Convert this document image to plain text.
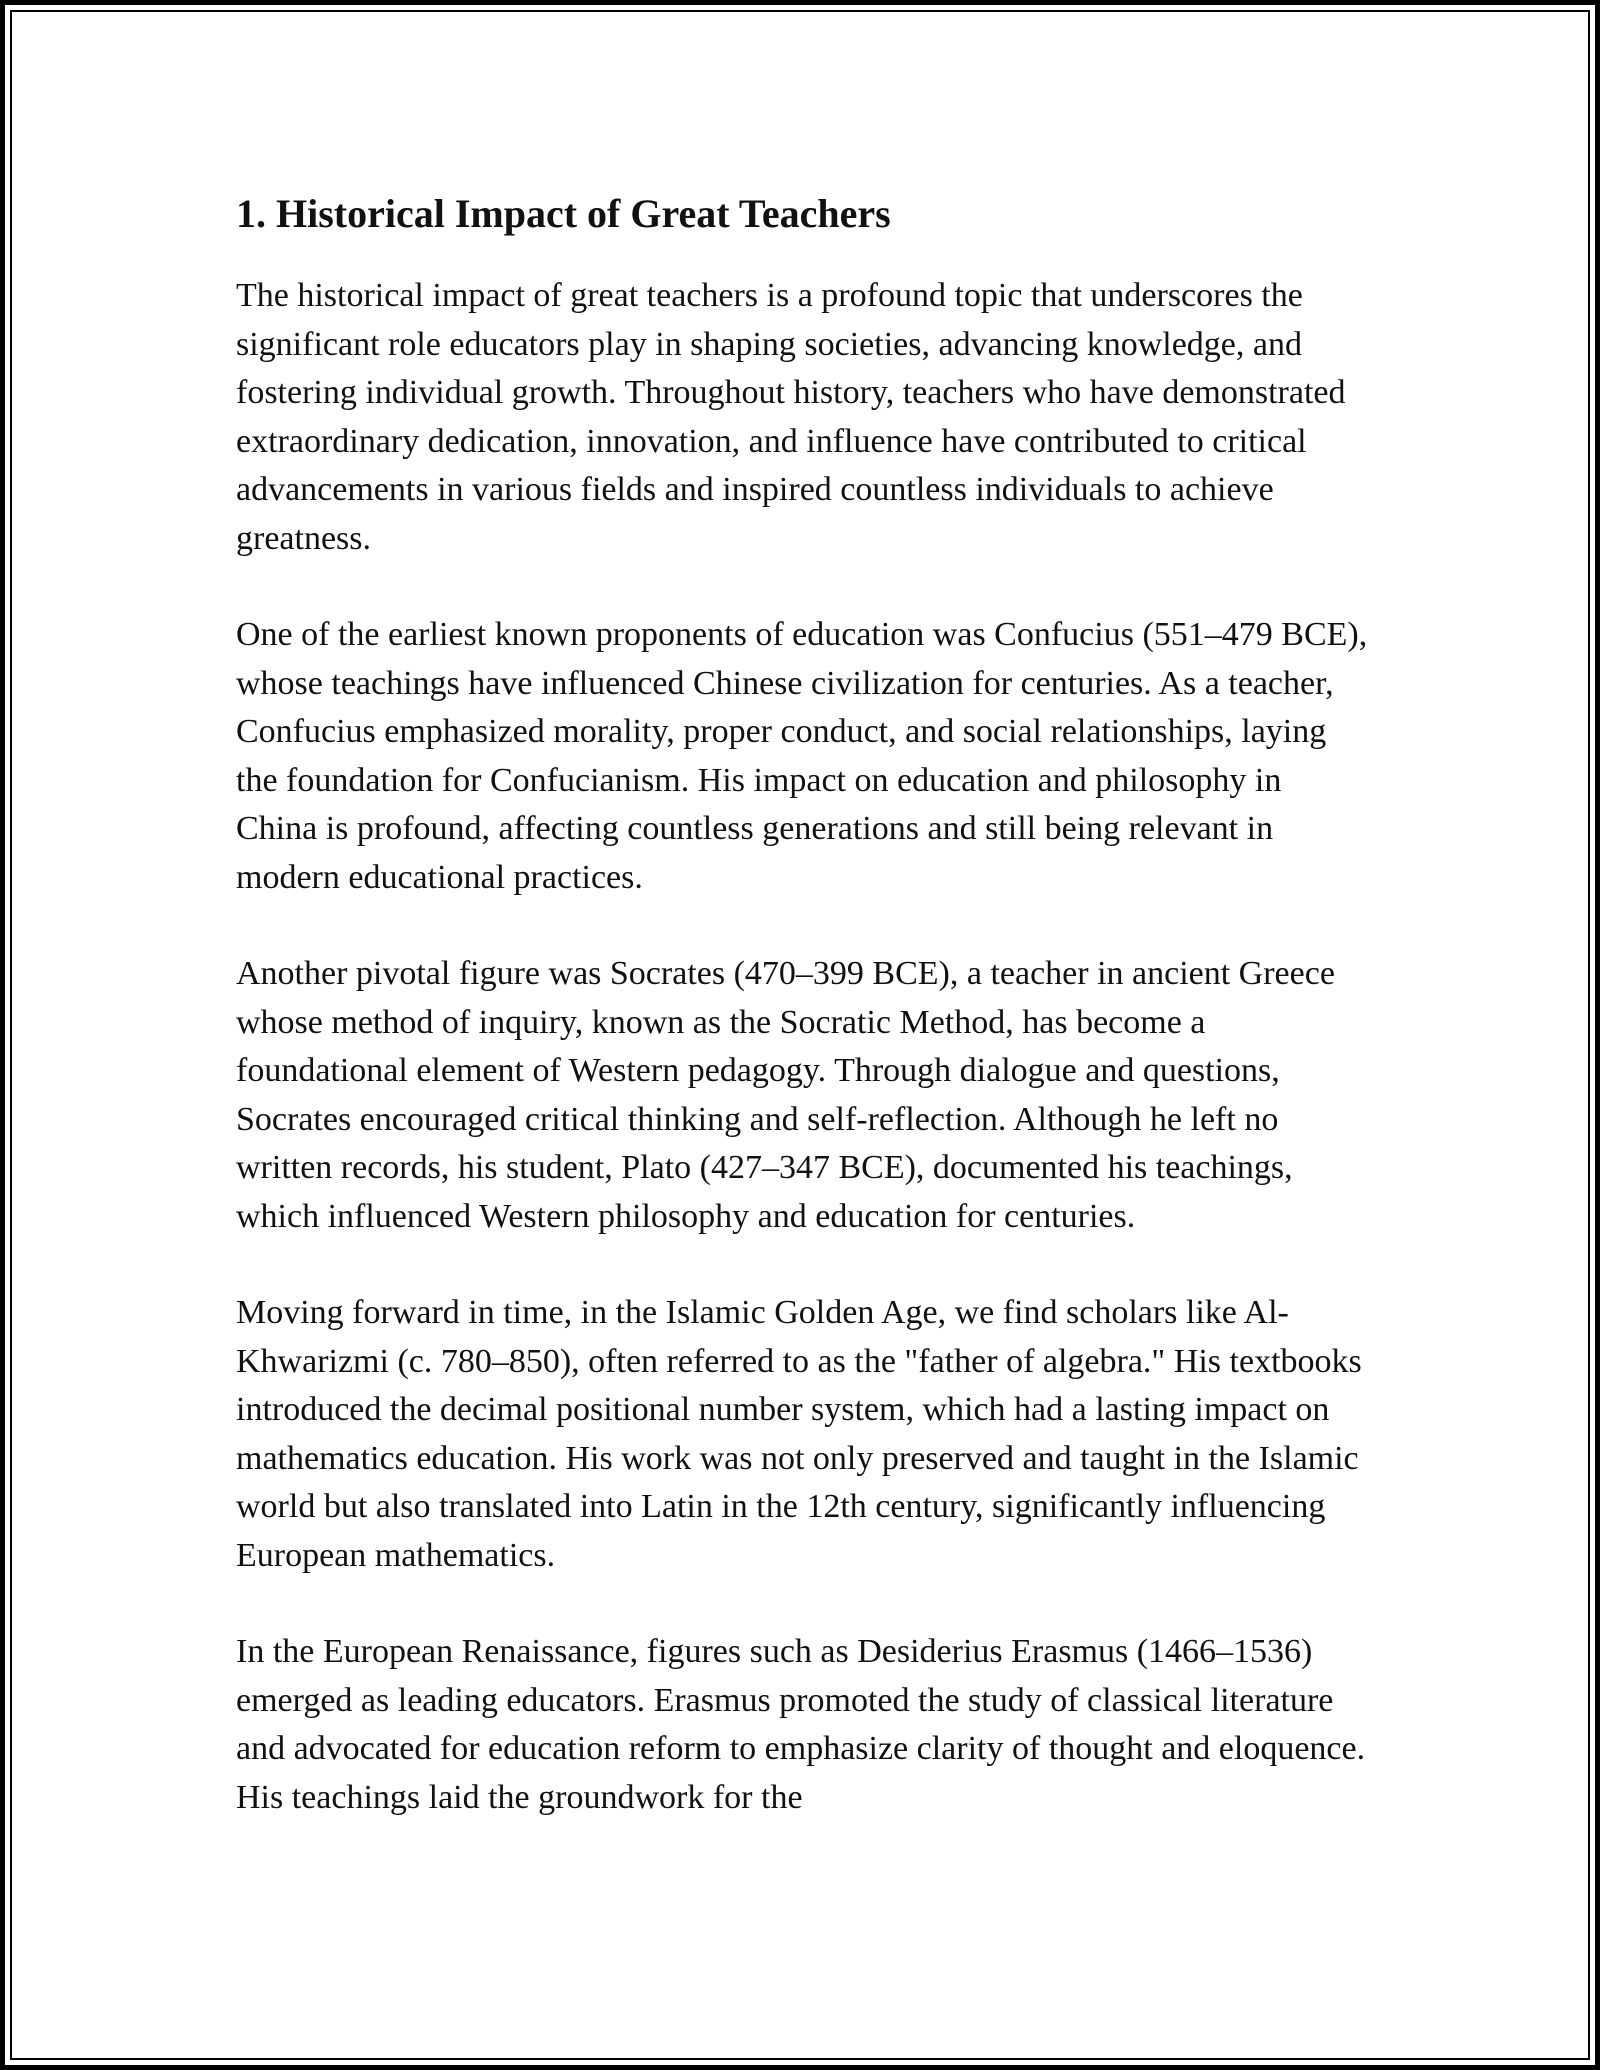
1. Historical Impact of Great Teachers

The historical impact of great teachers is a profound topic that underscores the significant role educators play in shaping societies, advancing knowledge, and fostering individual growth. Throughout history, teachers who have demonstrated extraordinary dedication, innovation, and influence have contributed to critical advancements in various fields and inspired countless individuals to achieve greatness.

One of the earliest known proponents of education was Confucius (551–479 BCE), whose teachings have influenced Chinese civilization for centuries. As a teacher, Confucius emphasized morality, proper conduct, and social relationships, laying the foundation for Confucianism. His impact on education and philosophy in China is profound, affecting countless generations and still being relevant in modern educational practices.

Another pivotal figure was Socrates (470–399 BCE), a teacher in ancient Greece whose method of inquiry, known as the Socratic Method, has become a foundational element of Western pedagogy. Through dialogue and questions, Socrates encouraged critical thinking and self-reflection. Although he left no written records, his student, Plato (427–347 BCE), documented his teachings, which influenced Western philosophy and education for centuries.

Moving forward in time, in the Islamic Golden Age, we find scholars like Al-Khwarizmi (c. 780–850), often referred to as the "father of algebra." His textbooks introduced the decimal positional number system, which had a lasting impact on mathematics education. His work was not only preserved and taught in the Islamic world but also translated into Latin in the 12th century, significantly influencing European mathematics.

In the European Renaissance, figures such as Desiderius Erasmus (1466–1536) emerged as leading educators. Erasmus promoted the study of classical literature and advocated for education reform to emphasize clarity of thought and eloquence. His teachings laid the groundwork for the
